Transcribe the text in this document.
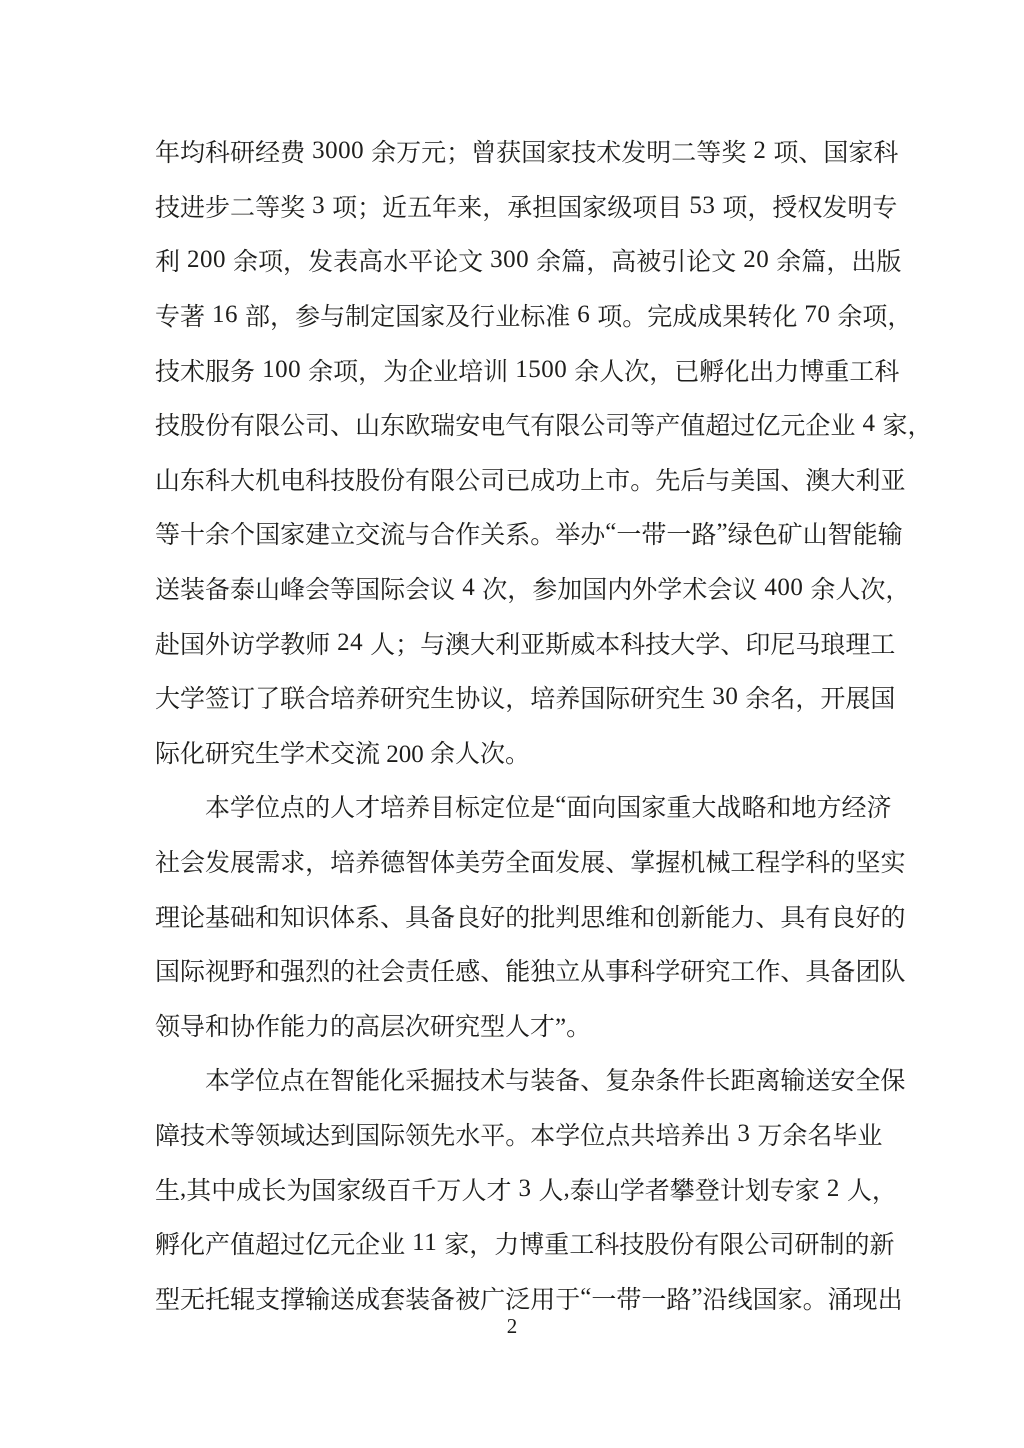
年 均 科 研 经 费 3000 余 万 元 ； 曾 获 国 家 技 术 发 明 二 等 奖 2 项 、 国 家 科
技 进 步 二 等 奖 3 项 ； 近 五 年 来 ， 承 担 国 家 级 项 目 53 项 ， 授 权 发 明 专
利 200 余 项 ， 发 表 高 水 平 论 文 300 余 篇 ， 高 被 引 论 文 20 余 篇 ， 出 版
专 著 16 部 ， 参 与 制 定 国 家 及 行 业 标 准 6 项 。 完 成 成 果 转 化 70 余 项 ，
技 术 服 务 100 余 项 ， 为 企 业 培 训 1500 余 人 次 ， 已 孵 化 出 力 博 重 工 科
技 股 份 有 限 公 司 、 山 东 欧 瑞 安 电 气 有 限 公 司 等 产 值 超 过 亿 元 企 业 4 家 ，
山 东 科 大 机 电 科 技 股 份 有 限 公 司 已 成 功 上 市 。 先 后 与 美 国 、 澳 大 利 亚
等 十 余 个 国 家 建 立 交 流 与 合 作 关 系 。 举 办 “ 一 带 一 路 ” 绿 色 矿 山 智 能 输
送 装 备 泰 山 峰 会 等 国 际 会 议 4 次 ， 参 加 国 内 外 学 术 会 议 400 余 人 次 ，
赴 国 外 访 学 教 师 24 人 ； 与 澳 大 利 亚 斯 威 本 科 技 大 学 、 印 尼 马 琅 理 工
大 学 签 订 了 联 合 培 养 研 究 生 协 议 ， 培 养 国 际 研 究 生 30 余 名 ， 开 展 国
际化研究生学术交流 200 余人次。
本 学 位 点 的 人 才 培 养 目 标 定 位 是 “ 面 向 国 家 重 大 战 略 和 地 方 经 济
社 会 发 展 需 求 ， 培 养 德 智 体 美 劳 全 面 发 展 、 掌 握 机 械 工 程 学 科 的 坚 实
理 论 基 础 和 知 识 体 系 、 具 备 良 好 的 批 判 思 维 和 创 新 能 力 、 具 有 良 好 的
国 际 视 野 和 强 烈 的 社 会 责 任 感 、 能 独 立 从 事 科 学 研 究 工 作 、 具 备 团 队
领导和协作能力的高层次研究型人才”。
本 学 位 点 在 智 能 化 采 掘 技 术 与 装 备 、 复 杂 条 件 长 距 离 输 送 安 全 保
障 技 术 等 领 域 达 到 国 际 领 先 水 平 。 本 学 位 点 共 培 养 出 3 万 余 名 毕 业
生 , 其 中 成 长 为 国 家 级 百 千 万 人 才 3 人 , 泰 山 学 者 攀 登 计 划 专 家 2 人 ，
孵 化 产 值 超 过 亿 元 企 业 11 家 ， 力 博 重 工 科 技 股 份 有 限 公 司 研 制 的 新
型 无 托 辊 支 撑 输 送 成 套 装 备 被 广 泛 用 于 “ 一 带 一 路 ” 沿 线 国 家 。 涌 现 出
2
